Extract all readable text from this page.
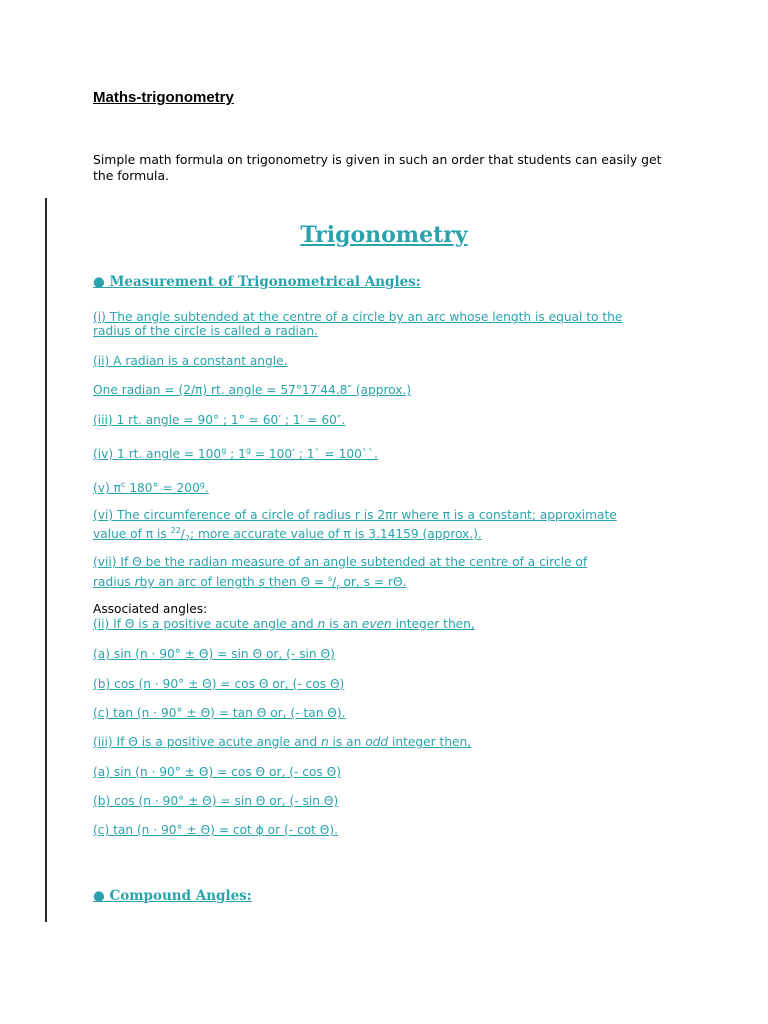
Maths-trigonometry
Simple math formula on trigonometry is given in such an order that students can easily get the formula.
Trigonometry
● Measurement of Trigonometrical Angles:
(i) The angle subtended at the centre of a circle by an arc whose length is equal to the
radius of the circle is called a radian.
(ii) A radian is a constant angle.
One radian = (2/π) rt. angle = 57°17′44.8″ (approx.)
(iii) 1 rt. angle = 90° ; 1° = 60′ ; 1′ = 60″.
(iv) 1 rt. angle = $100^g$ ; $1^g = 100'$ ; 1` = 100``.
(v) $\pi^c$ $180^\circ = 200^g$.
(vi) The circumference of a circle of radius r is 2πr where π is a constant; approximate
value of π is $^{22}/_7$; more accurate value of π is 3.14159 (approx.).
(vii) If Θ be the radian measure of an angle subtended at the centre of a circle of
radius rby an arc of length s then $\Theta = ^s/_r$ or, s = rΘ.
Associated angles:
(ii) If Θ is a positive acute angle and n is an even integer then,
(a) sin (n · 90° ± Θ) = sin Θ or, (- sin Θ)
(b) cos (n · 90° ± Θ) = cos Θ or, (- cos Θ)
(c) tan (n · 90° ± Θ) = tan Θ or, (- tan Θ).
(iii) If Θ is a positive acute angle and n is an odd integer then,
(a) sin (n · 90° ± Θ) = cos Θ or, (- cos Θ)
(b) cos (n · 90° ± Θ) = sin Θ or, (- sin Θ)
(c) tan (n · 90° ± Θ) = cot ϕ or (- cot Θ).
● Compound Angles:
